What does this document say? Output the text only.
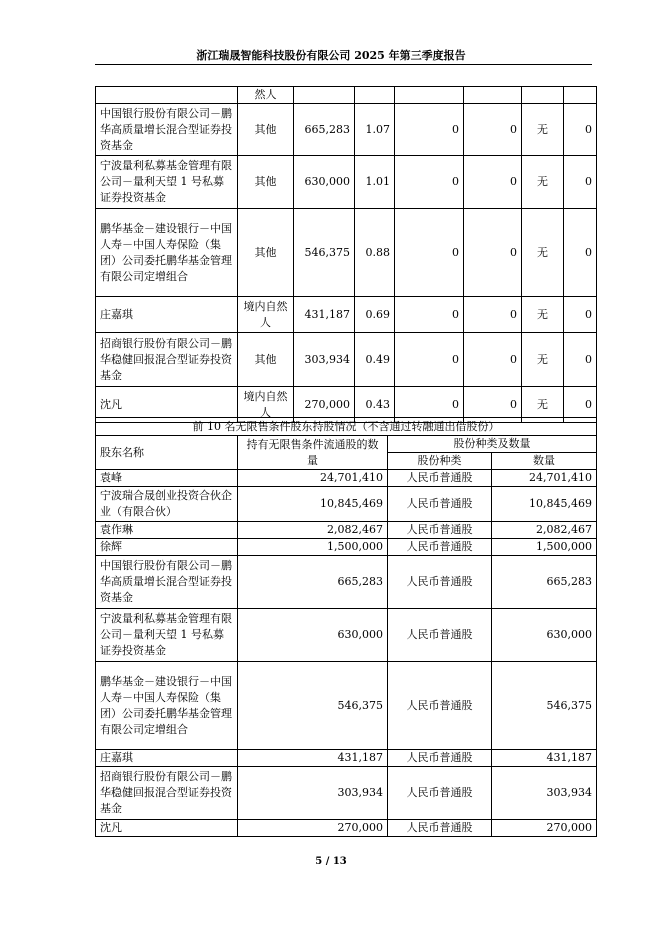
浙江瑞晟智能科技股份有限公司 2025 年第三季度报告
	然人						
中国银行股份有限公司－鹏华高质量增长混合型证券投资基金	其他	665,283	1.07	0	0	无	0
宁波量利私募基金管理有限公司－量利天望 1 号私募证券投资基金	其他	630,000	1.01	0	0	无	0
鹏华基金－建设银行－中国人寿－中国人寿保险（集团）公司委托鹏华基金管理有限公司定增组合	其他	546,375	0.88	0	0	无	0
庄嘉琪	境内自然人	431,187	0.69	0	0	无	0
招商银行股份有限公司－鹏华稳健回报混合型证券投资基金	其他	303,934	0.49	0	0	无	0
沈凡	境内自然人	270,000	0.43	0	0	无	0
前 10 名无限售条件股东持股情况（不含通过转融通出借股份）			
股东名称	持有无限售条件流通股的数量	股份种类及数量	
		股份种类	数量
袁峰	24,701,410	人民币普通股	24,701,410
宁波瑞合晟创业投资合伙企业（有限合伙）	10,845,469	人民币普通股	10,845,469
袁作琳	2,082,467	人民币普通股	2,082,467
徐辉	1,500,000	人民币普通股	1,500,000
中国银行股份有限公司－鹏华高质量增长混合型证券投资基金	665,283	人民币普通股	665,283
宁波量利私募基金管理有限公司－量利天望 1 号私募证券投资基金	630,000	人民币普通股	630,000
鹏华基金－建设银行－中国人寿－中国人寿保险（集团）公司委托鹏华基金管理有限公司定增组合	546,375	人民币普通股	546,375
庄嘉琪	431,187	人民币普通股	431,187
招商银行股份有限公司－鹏华稳健回报混合型证券投资基金	303,934	人民币普通股	303,934
沈凡	270,000	人民币普通股	270,000
5 / 13
